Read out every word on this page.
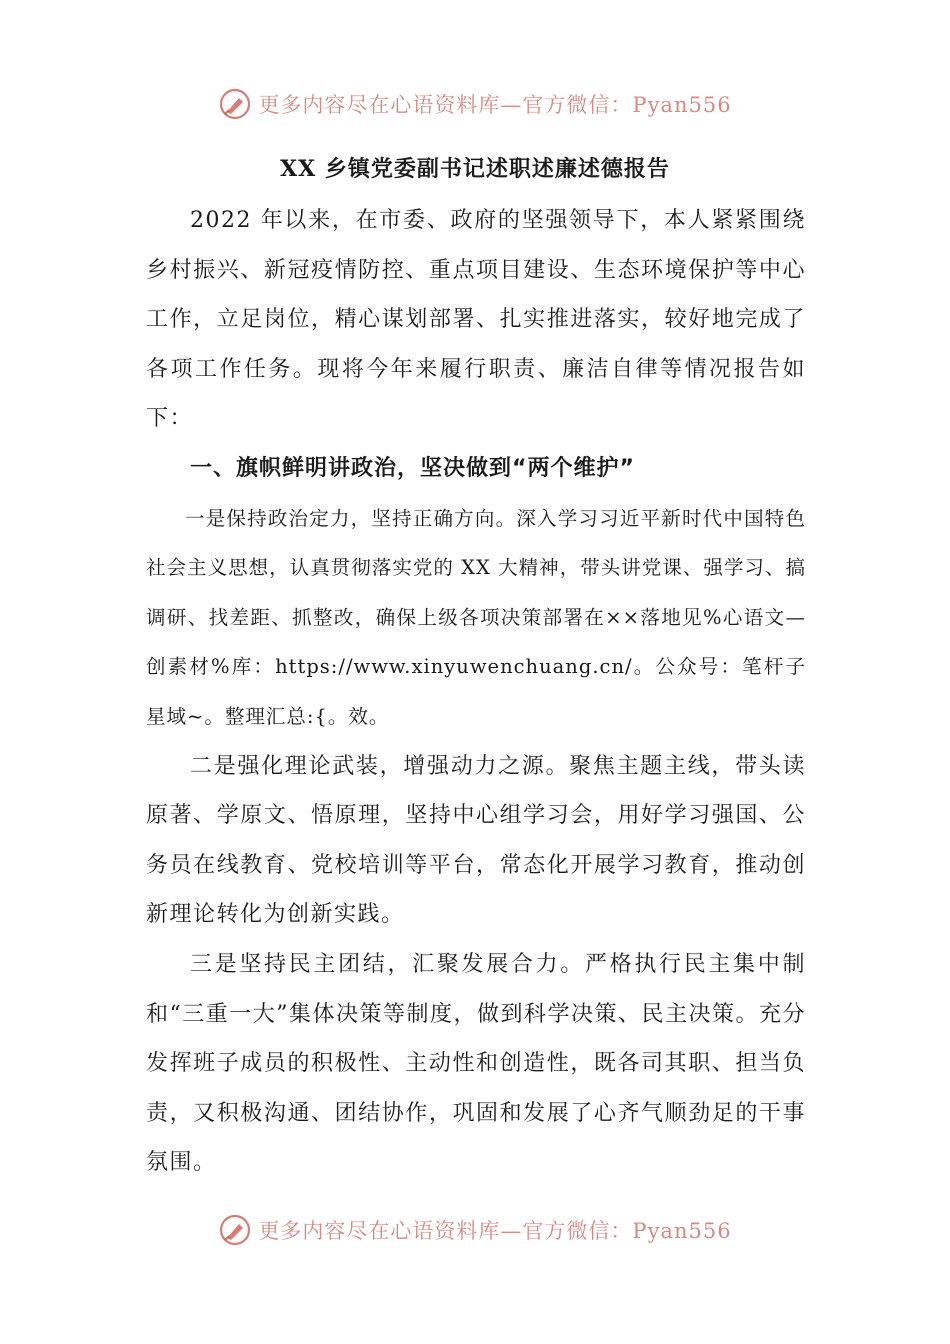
更多内容尽在心语资料库—官方微信：Pyan556
XX 乡镇党委副书记述职述廉述德报告

2022 年以来，在市委、政府的坚强领导下，本人紧紧围绕乡村振兴、新冠疫情防控、重点项目建设、生态环境保护等中心工作，立足岗位，精心谋划部署、扎实推进落实，较好地完成了各项工作任务。现将今年来履行职责、廉洁自律等情况报告如下：

一、旗帜鲜明讲政治，坚决做到“两个维护”

一是保持政治定力，坚持正确方向。深入学习习近平新时代中国特色社会主义思想，认真贯彻落实党的 XX 大精神，带头讲党课、强学习、搞调研、找差距、抓整改，确保上级各项决策部署在××落地见%心语文—创素材%库：https://www.xinyuwenchuang.cn/。公众号：笔杆子星域~。整理汇总:{。效。

二是强化理论武装，增强动力之源。聚焦主题主线，带头读原著、学原文、悟原理，坚持中心组学习会，用好学习强国、公务员在线教育、党校培训等平台，常态化开展学习教育，推动创新理论转化为创新实践。

三是坚持民主团结，汇聚发展合力。严格执行民主集中制和“三重一大”集体决策等制度，做到科学决策、民主决策。充分发挥班子成员的积极性、主动性和创造性，既各司其职、担当负责，又积极沟通、团结协作，巩固和发展了心齐气顺劲足的干事氛围。

更多内容尽在心语资料库—官方微信：Pyan556
